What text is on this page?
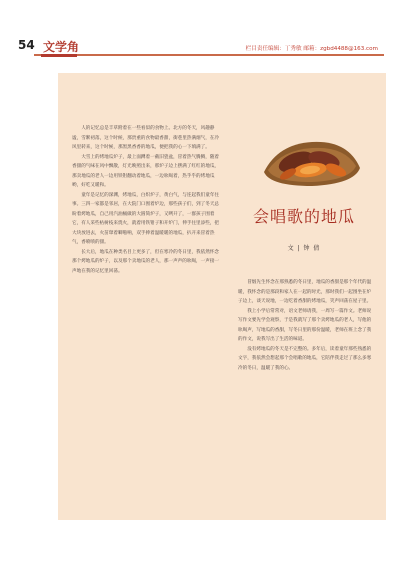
54 文学角	栏目责任编辑：丁秀敏 邮箱：zgbd4488@163.com

人的记忆总是丰草附着在一些看似的食物上。北方的冬天，风趣静谧，雪絮初落，这个时候，那贵重的食物最香甜，街巷里热满烟气，在冷风里转来，这个时候，那黑黑香香的地瓜，便把我的心一下填满了。

大雪上的烤地瓜炉子，最上面蹲着一截旧瓷盆，冒着热气腾腾，随着香甜的气味在风中飘散，灯光映照出来，那炉子边上摆满了红红的地瓜，那卖地瓜的老人一边用铁钳翻动着地瓜，一边吆喝着，热乎乎的烤地瓜哟，好吃又暖和。

童年是记忆的深渊，烤地瓜，白炽炉子，黄白气，与连起我们童年往事。三四一家都是邻居，在大院门口围着炉边，那些孩子们，到了冬天总盼着烤地瓜，自己用汽油桶做的大圆筒炉子，又咧开了，一群孩子围着它，有人采些枯树枝来烧火，就着用铁钳子和开炉门，伸手往里添些，把大块放进去，火苗窜着噼啪响，双手捧着温暖暖的地瓜，扒开来冒着热气，香喷喷的甜。

长大后，地瓜在种类名目上更多了，但在寒冷的冬日里，我依然怀念那个烤地瓜的炉子，以及那个卖地瓜的老人，那一声声的吆喝，一声接一声地在我的记忆里回荡。

会唱歌的地瓜
文 | 钟 倩

冒烟先生怀念在那熟悉的冬日里，地瓜的香甜是那个年代的温暖，我怀念的是那段和家人在一起的时光，那时我们一起围坐在炉子边上，谈天说地，一边吃着香甜的烤地瓜，笑声回荡在屋子里。

我上小学后常常对，语文老师请我，一周写一篇作文。老师说写作文要先学会观察，于是我就写了那个卖烤地瓜的老人，写他的吆喝声，写地瓜的香甜，写冬日里的那份温暖，老师在班上念了我的作文，说我写出了生活的味道。

没有烤地瓜的冬天是不完整的。多年后，读着童年那些熟悉的文字，我依然会想起那个会唱歌的地瓜，它陪伴我走过了那么多寒冷的冬日，温暖了我的心。
